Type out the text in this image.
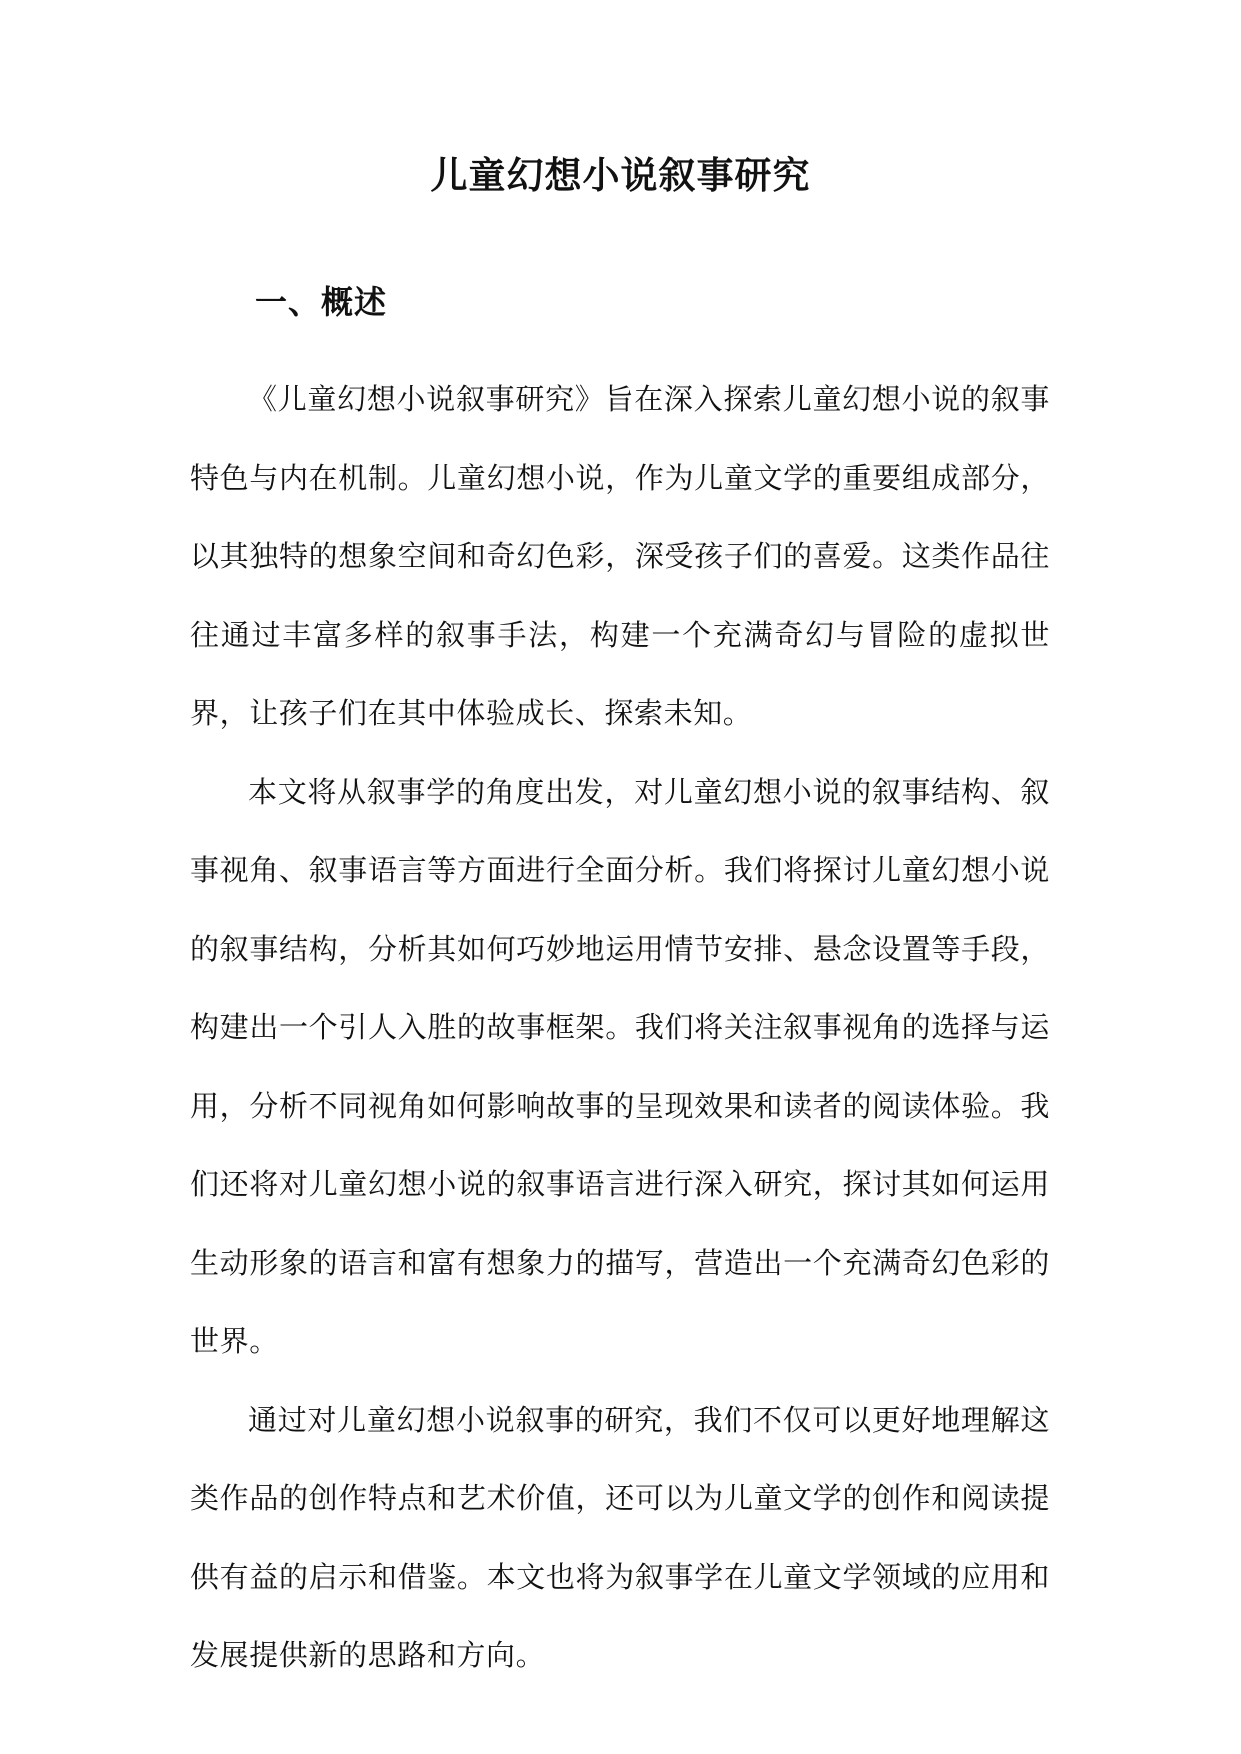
儿童幻想小说叙事研究
一、概述

《儿童幻想小说叙事研究》旨在深入探索儿童幻想小说的叙事特色与内在机制。儿童幻想小说，作为儿童文学的重要组成部分，以其独特的想象空间和奇幻色彩，深受孩子们的喜爱。这类作品往往通过丰富多样的叙事手法，构建一个充满奇幻与冒险的虚拟世界，让孩子们在其中体验成长、探索未知。

本文将从叙事学的角度出发，对儿童幻想小说的叙事结构、叙事视角、叙事语言等方面进行全面分析。我们将探讨儿童幻想小说的叙事结构，分析其如何巧妙地运用情节安排、悬念设置等手段，构建出一个引人入胜的故事框架。我们将关注叙事视角的选择与运用，分析不同视角如何影响故事的呈现效果和读者的阅读体验。我们还将对儿童幻想小说的叙事语言进行深入研究，探讨其如何运用生动形象的语言和富有想象力的描写，营造出一个充满奇幻色彩的世界。

通过对儿童幻想小说叙事的研究，我们不仅可以更好地理解这类作品的创作特点和艺术价值，还可以为儿童文学的创作和阅读提供有益的启示和借鉴。本文也将为叙事学在儿童文学领域的应用和发展提供新的思路和方向。
